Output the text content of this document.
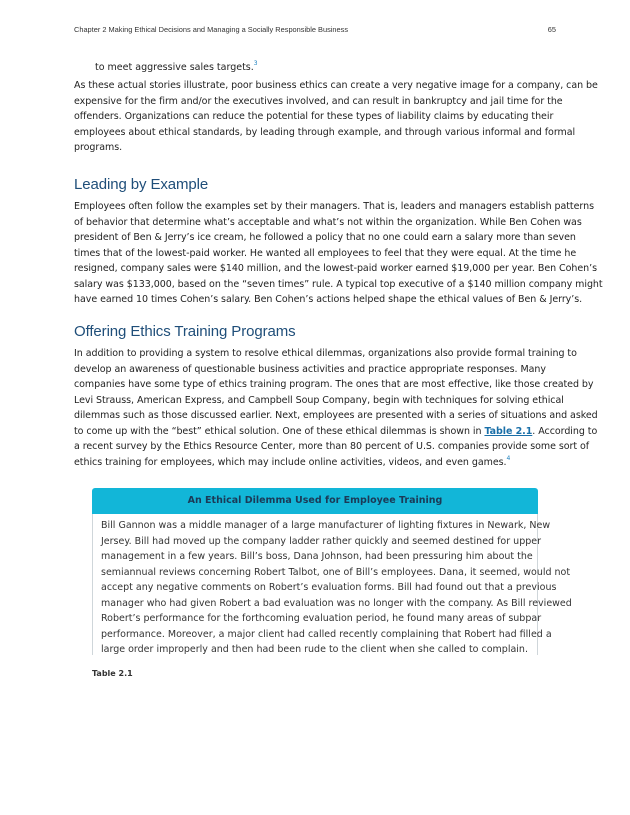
Chapter 2 Making Ethical Decisions and Managing a Socially Responsible Business	65
to meet aggressive sales targets.$^3$

As these actual stories illustrate, poor business ethics can create a very negative image for a company, can be
expensive for the firm and/or the executives involved, and can result in bankruptcy and jail time for the
offenders. Organizations can reduce the potential for these types of liability claims by educating their
employees about ethical standards, by leading through example, and through various informal and formal
programs.

Leading by Example

Employees often follow the examples set by their managers. That is, leaders and managers establish patterns
of behavior that determine what’s acceptable and what’s not within the organization. While Ben Cohen was
president of Ben & Jerry’s ice cream, he followed a policy that no one could earn a salary more than seven
times that of the lowest-paid worker. He wanted all employees to feel that they were equal. At the time he
resigned, company sales were $140 million, and the lowest-paid worker earned $19,000 per year. Ben Cohen’s
salary was $133,000, based on the “seven times” rule. A typical top executive of a $140 million company might
have earned 10 times Cohen’s salary. Ben Cohen’s actions helped shape the ethical values of Ben & Jerry’s.

Offering Ethics Training Programs

In addition to providing a system to resolve ethical dilemmas, organizations also provide formal training to
develop an awareness of questionable business activities and practice appropriate responses. Many
companies have some type of ethics training program. The ones that are most effective, like those created by
Levi Strauss, American Express, and Campbell Soup Company, begin with techniques for solving ethical
dilemmas such as those discussed earlier. Next, employees are presented with a series of situations and asked
to come up with the “best” ethical solution. One of these ethical dilemmas is shown in Table 2.1. According to
a recent survey by the Ethics Resource Center, more than 80 percent of U.S. companies provide some sort of
ethics training for employees, which may include online activities, videos, and even games.$^4$

An Ethical Dilemma Used for Employee Training
Bill Gannon was a middle manager of a large manufacturer of lighting fixtures in Newark, New
Jersey. Bill had moved up the company ladder rather quickly and seemed destined for upper
management in a few years. Bill’s boss, Dana Johnson, had been pressuring him about the
semiannual reviews concerning Robert Talbot, one of Bill’s employees. Dana, it seemed, would not
accept any negative comments on Robert’s evaluation forms. Bill had found out that a previous
manager who had given Robert a bad evaluation was no longer with the company. As Bill reviewed
Robert’s performance for the forthcoming evaluation period, he found many areas of subpar
performance. Moreover, a major client had called recently complaining that Robert had filled a
large order improperly and then had been rude to the client when she called to complain.
Table 2.1
